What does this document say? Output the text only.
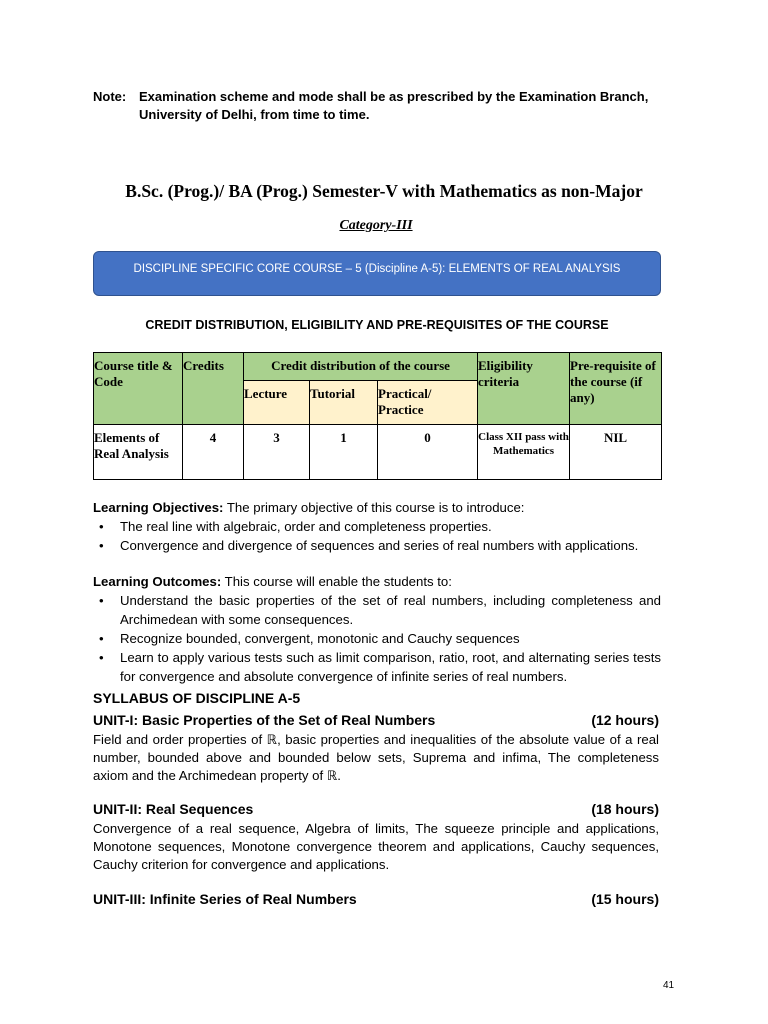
Note: Examination scheme and mode shall be as prescribed by the Examination Branch, University of Delhi, from time to time.
B.Sc. (Prog.)/ BA (Prog.) Semester-V with Mathematics as non-Major
Category-III
DISCIPLINE SPECIFIC CORE COURSE – 5 (Discipline A-5): ELEMENTS OF REAL ANALYSIS
CREDIT DISTRIBUTION, ELIGIBILITY AND PRE-REQUISITES OF THE COURSE
Course title & Code	Credits	Credit distribution of the course			Eligibility criteria	Pre-requisite of the course (if any)
		Lecture	Tutorial	Practical/ Practice		
Elements of Real Analysis	4	3	1	0	Class XII pass with Mathematics	NIL
Learning Objectives: The primary objective of this course is to introduce:
• The real line with algebraic, order and completeness properties.
• Convergence and divergence of sequences and series of real numbers with applications.
Learning Outcomes: This course will enable the students to:
• Understand the basic properties of the set of real numbers, including completeness and Archimedean with some consequences.
• Recognize bounded, convergent, monotonic and Cauchy sequences
• Learn to apply various tests such as limit comparison, ratio, root, and alternating series tests for convergence and absolute convergence of infinite series of real numbers.
SYLLABUS OF DISCIPLINE A-5
UNIT-I: Basic Properties of the Set of Real Numbers	(12 hours)
Field and order properties of ℝ, basic properties and inequalities of the absolute value of a real number, bounded above and bounded below sets, Suprema and infima, The completeness axiom and the Archimedean property of ℝ.
UNIT-II: Real Sequences	(18 hours)
Convergence of a real sequence, Algebra of limits, The squeeze principle and applications, Monotone sequences, Monotone convergence theorem and applications, Cauchy sequences, Cauchy criterion for convergence and applications.
UNIT-III: Infinite Series of Real Numbers	(15 hours)
41
